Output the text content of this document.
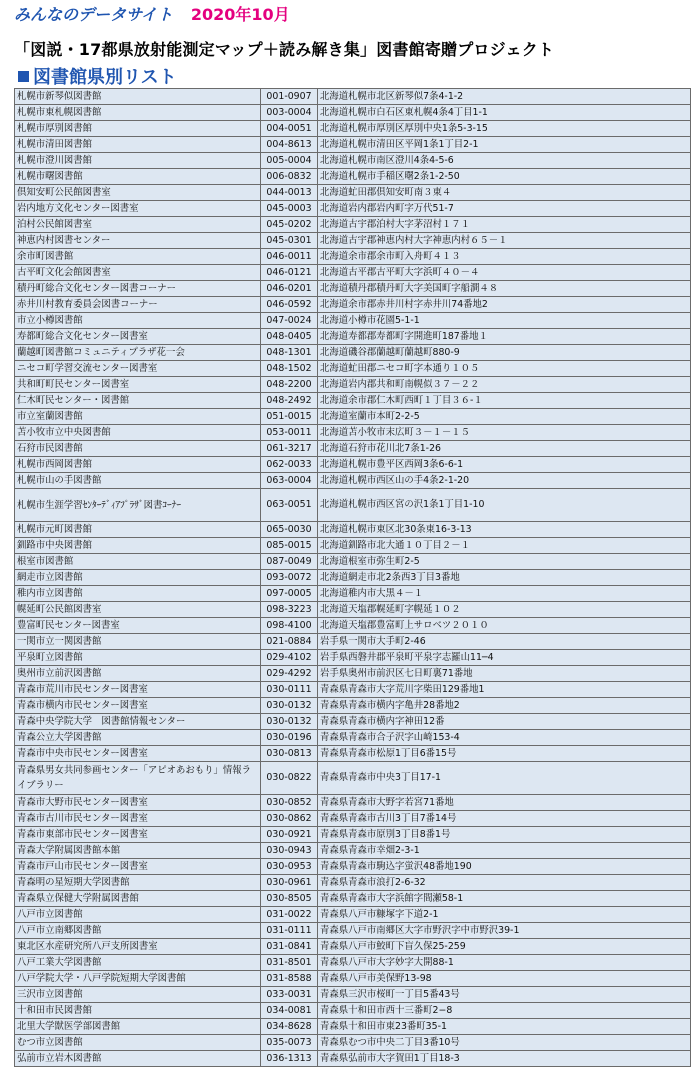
みんなのデータサイト 2020年10月
「図説・17都県放射能測定マップ＋読み解き集」図書館寄贈プロジェクト
図書館県別リスト
札幌市新琴似図書館	001-0907	北海道札幌市北区新琴似7条4-1-2
札幌市東札幌図書館	003-0004	北海道札幌市白石区東札幌4条4丁目1-1
札幌市厚別図書館	004-0051	北海道札幌市厚別区厚別中央1条5-3-15
札幌市清田図書館	004-8613	北海道札幌市清田区平岡1条1丁目2-1
札幌市澄川図書館	005-0004	北海道札幌市南区澄川4条4-5-6
札幌市曙図書館	006-0832	北海道札幌市手稲区曙2条1-2-50
倶知安町公民館図書室	044-0013	北海道虻田郡倶知安町南３東４
岩内地方文化センター図書室	045-0003	北海道岩内郡岩内町字万代51-7
泊村公民館図書室	045-0202	北海道古宇郡泊村大字茅沼村１７１
神恵内村図書センター	045-0301	北海道古宇郡神恵内村大字神恵内村６５－１
余市町図書館	046-0011	北海道余市郡余市町入舟町４１３
古平町文化会館図書室	046-0121	北海道古平郡古平町大字浜町４０－４
積丹町総合文化センター図書コーナー	046-0201	北海道積丹郡積丹町大字美国町字船澗４８
赤井川村教育委員会図書コーナー	046-0592	北海道余市郡赤井川村字赤井川74番地2
市立小樽図書館	047-0024	北海道小樽市花園5-1-1
寿都町総合文化センター図書室	048-0405	北海道寿都郡寿都町字開進町187番地１
蘭越町図書館コミュニティプラザ花一会	048-1301	北海道磯谷郡蘭越町蘭越町880-9
ニセコ町学習交流センター図書室	048-1502	北海道虻田郡ニセコ町字本通り１０５
共和町町民センター図書室	048-2200	北海道岩内郡共和町南幌似３７－２２
仁木町民センター・図書館	048-2492	北海道余市郡仁木町西町１丁目３６-１
市立室蘭図書館	051-0015	北海道室蘭市本町2-2-5
苫小牧市立中央図書館	053-0011	北海道苫小牧市末広町３－１－１５
石狩市民図書館	061-3217	北海道石狩市花川北7条1-26
札幌市西岡図書館	062-0033	北海道札幌市豊平区西岡3条6-6-1
札幌市山の手図書館	063-0004	北海道札幌市西区山の手4条2-1-20
札幌市生涯学習ｾﾝﾀｰﾃﾞｨｱﾌﾟﾗｻﾞ図書ｺｰﾅｰ	063-0051	北海道札幌市西区宮の沢1条1丁目1-10
札幌市元町図書館	065-0030	北海道札幌市東区北30条東16-3-13
釧路市中央図書館	085-0015	北海道釧路市北大通１０丁目２－１
根室市図書館	087-0049	北海道根室市弥生町2-5
網走市立図書館	093-0072	北海道網走市北2条西3丁目3番地
稚内市立図書館	097-0005	北海道稚内市大黒４－１
幌延町公民館図書室	098-3223	北海道天塩郡幌延町字幌延１０２
豊富町民センター図書室	098-4100	北海道天塩郡豊富町上サロベツ２０１０
一関市立一関図書館	021-0884	岩手県一関市大手町2-46
平泉町立図書館	029-4102	岩手県西磐井郡平泉町平泉字志羅山11─4
奥州市立前沢図書館	029-4292	岩手県奥州市前沢区七日町裏71番地
青森市荒川市民センター図書室	030-0111	青森県青森市大字荒川字柴田129番地1
青森市横内市民センター図書室	030-0132	青森県青森市横内字亀井28番地2
青森中央学院大学　図書館情報センター	030-0132	青森県青森市横内字神田12番
青森公立大学図書館	030-0196	青森県青森市合子沢字山崎153-4
青森市中央市民センター図書室	030-0813	青森県青森市松原1丁目6番15号
青森県男女共同参画センター「アピオあおもり」情報ライブラリー	030-0822	青森県青森市中央3丁目17-1
青森市大野市民センター図書室	030-0852	青森県青森市大野字若宮71番地
青森市古川市民センター図書室	030-0862	青森県青森市古川3丁目7番14号
青森市東部市民センター図書室	030-0921	青森県青森市原別3丁目8番1号
青森大学附属図書館本館	030-0943	青森県青森市幸畑2-3-1
青森市戸山市民センター図書室	030-0953	青森県青森市駒込字蛍沢48番地190
青森明の星短期大学図書館	030-0961	青森県青森市浪打2-6-32
青森県立保健大学附属図書館	030-8505	青森県青森市大字浜館字間瀬58-1
八戸市立図書館	031-0022	青森県八戸市糠塚字下道2-1
八戸市立南郷図書館	031-0111	青森県八戸市南郷区大字市野沢字中市野沢39-1
東北区水産研究所八戸支所図書室	031-0841	青森県八戸市鮫町下盲久保25-259
八戸工業大学図書館	031-8501	青森県八戸市大字妙字大開88-1
八戸学院大学・八戸学院短期大学図書館	031-8588	青森県八戸市美保野13-98
三沢市立図書館	033-0031	青森県三沢市桜町一丁目5番43号
十和田市民図書館	034-0081	青森県十和田市西十三番町2−8
北里大学獣医学部図書館	034-8628	青森県十和田市東23番町35-1
むつ市立図書館	035-0073	青森県むつ市中央二丁目3番10号
弘前市立岩木図書館	036-1313	青森県弘前市大字賀田1丁目18-3
